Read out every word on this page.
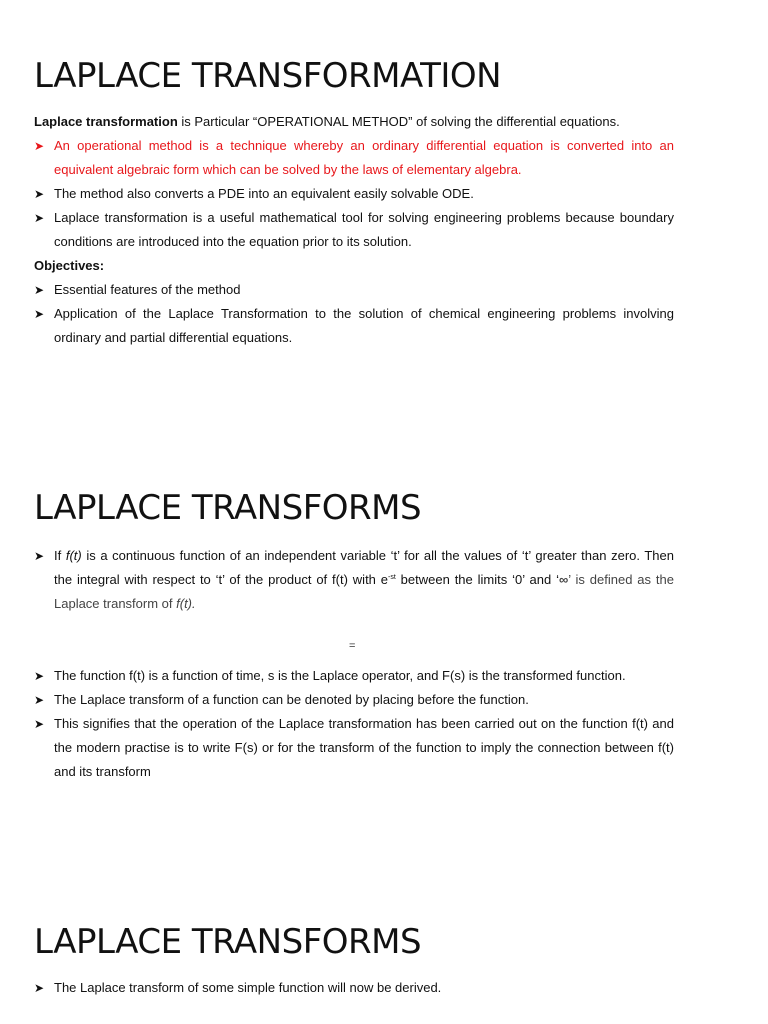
LAPLACE TRANSFORMATION

Laplace transformation is Particular “OPERATIONAL METHOD” of solving the differential equations.

➤ An operational method is a technique whereby an ordinary differential equation is converted into an equivalent algebraic form which can be solved by the laws of elementary algebra.
➤ The method also converts a PDE into an equivalent easily solvable ODE.
➤ Laplace transformation is a useful mathematical tool for solving engineering problems because boundary conditions are introduced into the equation prior to its solution.

Objectives:

➤ Essential features of the method
➤ Application of the Laplace Transformation to the solution of chemical engineering problems involving ordinary and partial differential equations.
LAPLACE TRANSFORMS
➤ If f(t) is a continuous function of an independent variable ‘t’ for all the values of ‘t’ greater than zero. Then the integral with respect to ‘t’ of the product of f(t) with $e^{-st}$ between the limits ‘0’ and ‘∞’ is defined as the Laplace transform of f(t).
=
➤ The function f(t) is a function of time, s is the Laplace operator, and F(s) is the transformed function.
➤ The Laplace transform of a function can be denoted by placing before the function.
➤ This signifies that the operation of the Laplace transformation has been carried out on the function f(t) and the modern practise is to write F(s) or for the transform of the function to imply the connection between f(t) and its transform
LAPLACE TRANSFORMS
➤ The Laplace transform of some simple function will now be derived.
